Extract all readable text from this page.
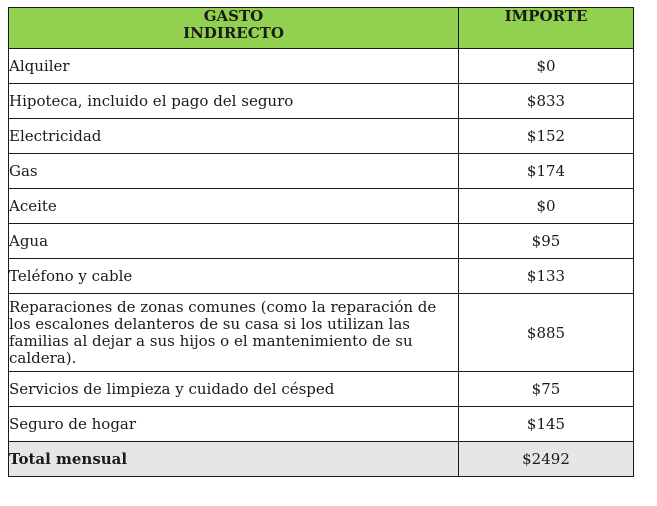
GASTO
INDIRECTO	IMPORTE
Alquiler	$0
Hipoteca, incluido el pago del seguro	$833
Electricidad	$152
Gas	$174
Aceite	$0
Agua	$95
Teléfono y cable	$133
Reparaciones de zonas comunes (como la reparación de los escalones delanteros de su casa si los utilizan las familias al dejar a sus hijos o el mantenimiento de su caldera).	$885
Servicios de limpieza y cuidado del césped	$75
Seguro de hogar	$145
Total mensual	$2492
